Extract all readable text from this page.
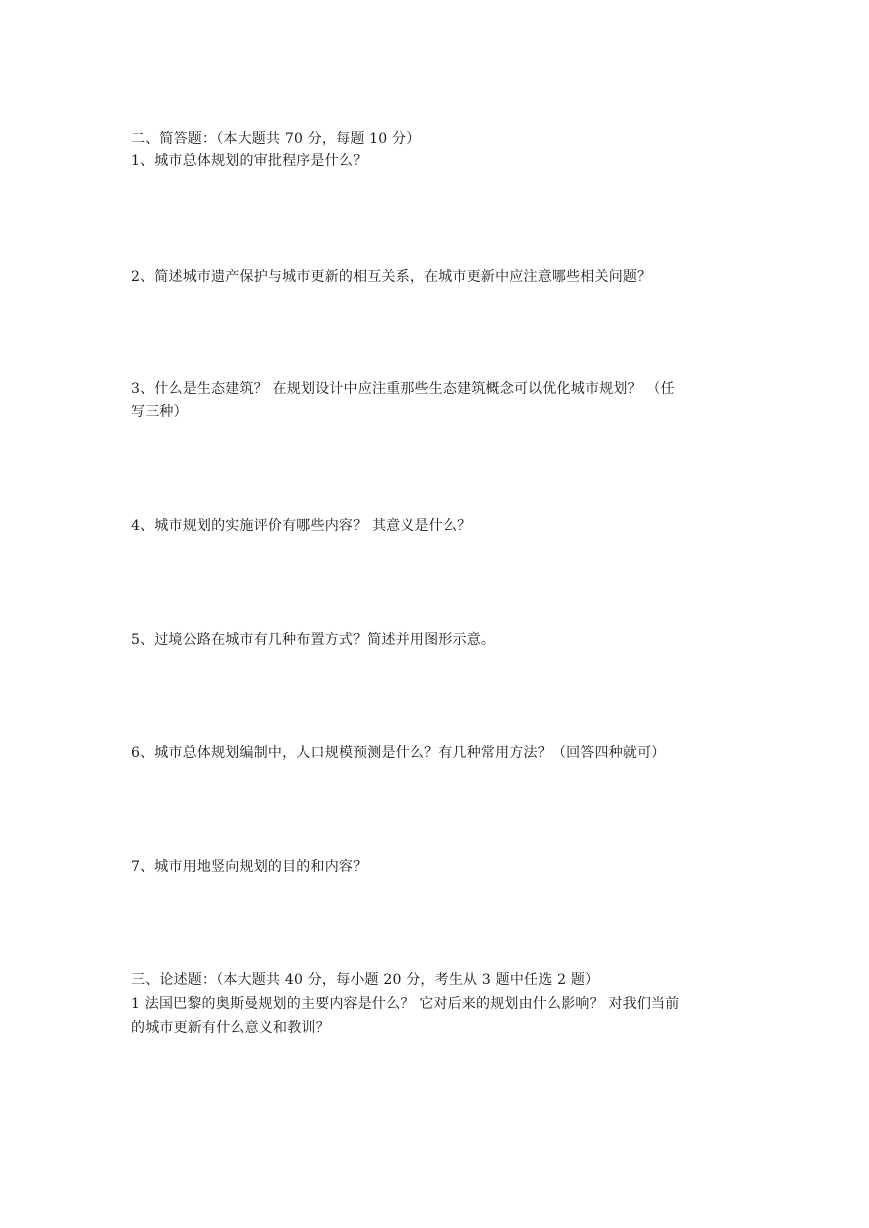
二、简答题：（本大题共 70 分，每题 10 分）
1、城市总体规划的审批程序是什么？
2、简述城市遗产保护与城市更新的相互关系，在城市更新中应注意哪些相关问题？
3、什么是生态建筑？ 在规划设计中应注重那些生态建筑概念可以优化城市规划？ （任
写三种）
4、城市规划的实施评价有哪些内容？ 其意义是什么？
5、过境公路在城市有几种布置方式？简述并用图形示意。
6、城市总体规划编制中，人口规模预测是什么？有几种常用方法？（回答四种就可）
7、城市用地竖向规划的目的和内容？
三、论述题：（本大题共 40 分，每小题 20 分，考生从 3 题中任选 2 题）
1 法国巴黎的奥斯曼规划的主要内容是什么？ 它对后来的规划由什么影响？ 对我们当前
的城市更新有什么意义和教训？
